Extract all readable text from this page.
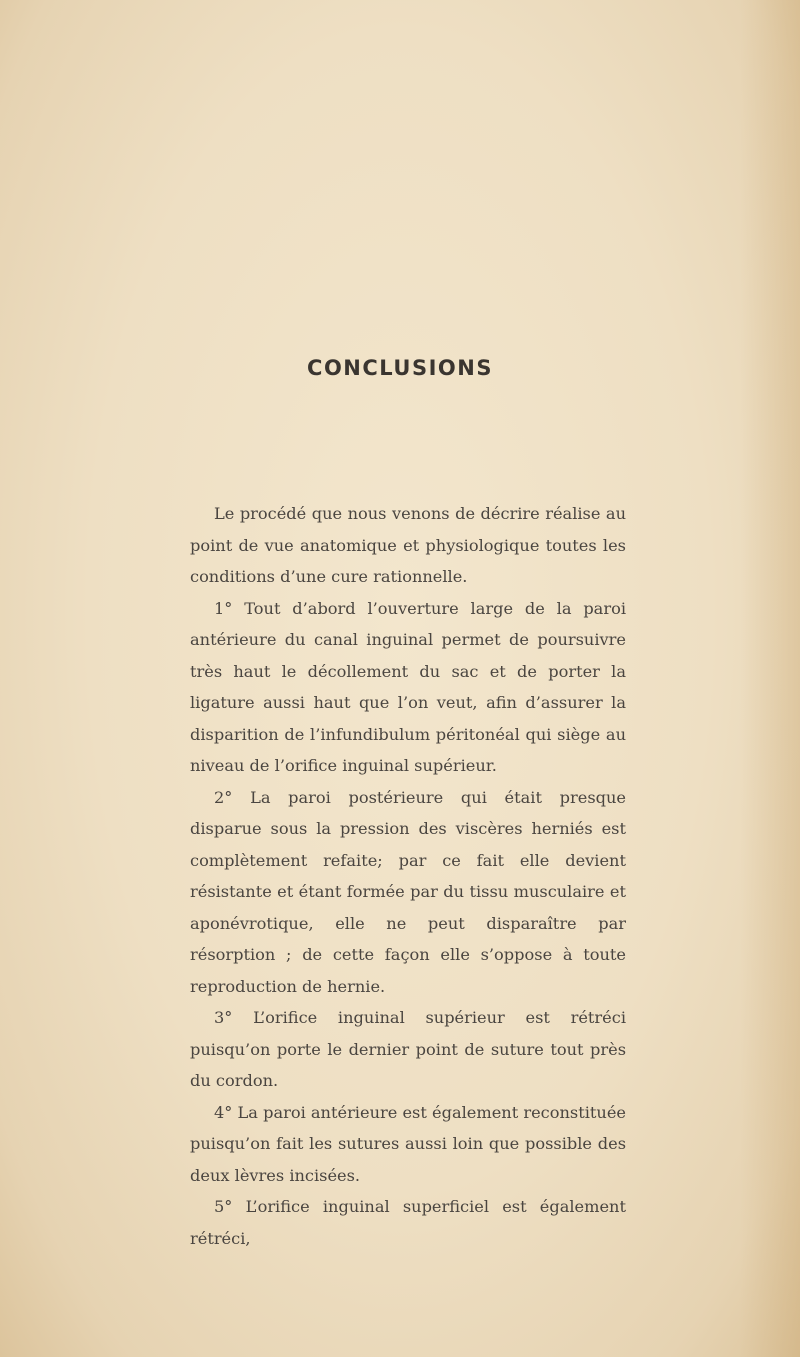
CONCLUSIONS

Le procédé que nous venons de décrire réalise au point de vue anatomique et physiologique toutes les conditions d’une cure rationnelle.

1° Tout d’abord l’ouverture large de la paroi antérieure du canal inguinal permet de poursuivre très haut le décollement du sac et de porter la ligature aussi haut que l’on veut, afin d’assurer la disparition de l’infundibulum péritonéal qui siège au niveau de l’orifice inguinal supérieur.

2° La paroi postérieure qui était presque disparue sous la pression des viscères herniés est complètement refaite; par ce fait elle devient résistante et étant formée par du tissu musculaire et aponévrotique, elle ne peut disparaître par résorption ; de cette façon elle s’oppose à toute reproduction de hernie.

3° L’orifice inguinal supérieur est rétréci puisqu’on porte le dernier point de suture tout près du cordon.

4° La paroi antérieure est également reconstituée puisqu’on fait les sutures aussi loin que possible des deux lèvres incisées.

5° L’orifice inguinal superficiel est également rétréci,
